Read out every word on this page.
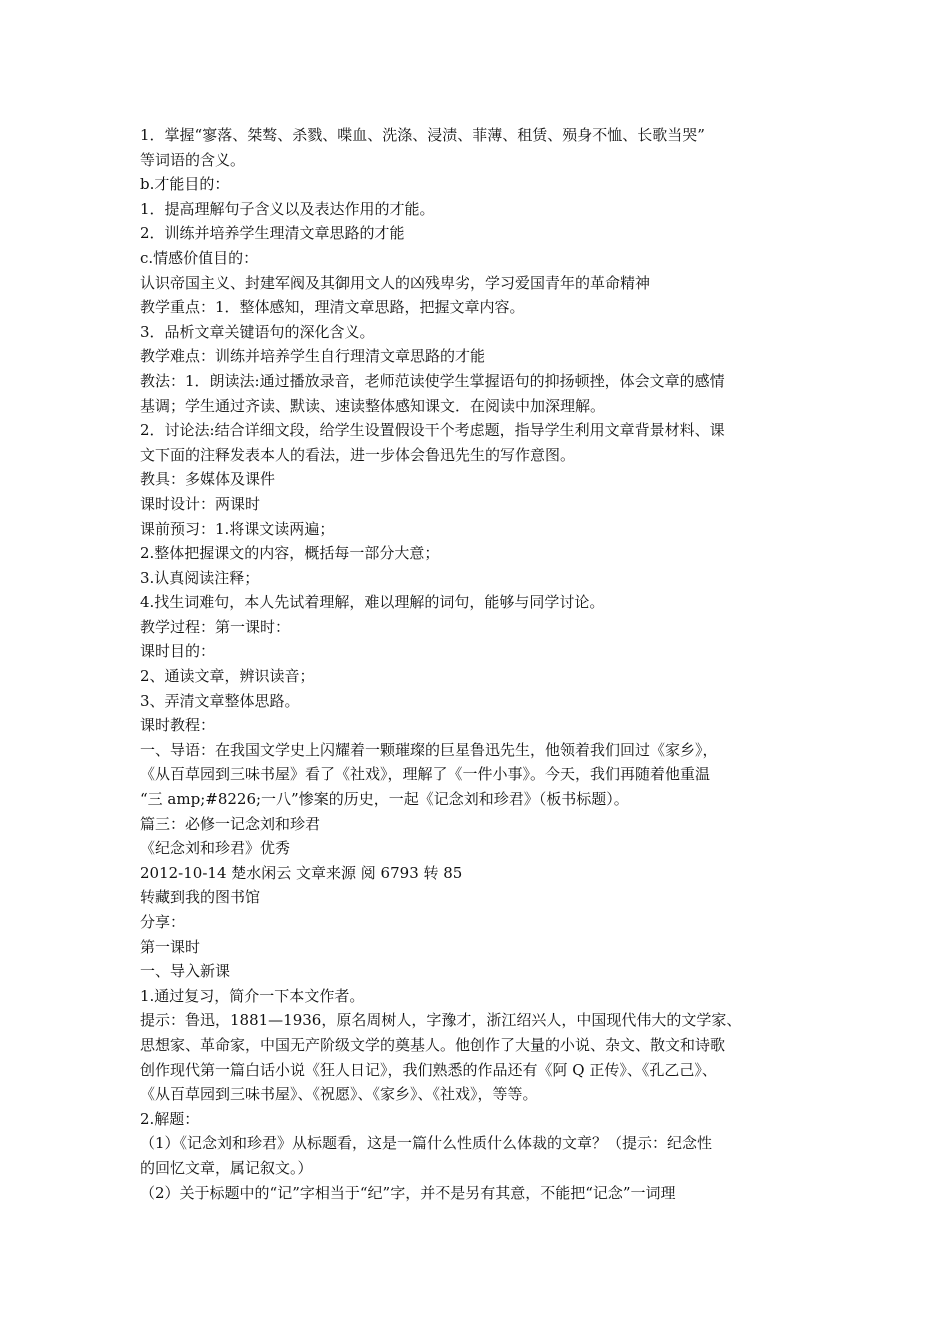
1．掌握“寥落、桀骜、杀戮、喋血、洗涤、浸渍、菲薄、租赁、殒身不恤、长歌当哭”
等词语的含义。
b.才能目的：
1．提高理解句子含义以及表达作用的才能。
2．训练并培养学生理清文章思路的才能
c.情感价值目的：
认识帝国主义、封建军阀及其御用文人的凶残卑劣，学习爱国青年的革命精神
教学重点：1．整体感知，理清文章思路，把握文章内容。
3．品析文章关键语句的深化含义。
教学难点：训练并培养学生自行理清文章思路的才能
教法：1．朗读法:通过播放录音，老师范读使学生掌握语句的抑扬顿挫，体会文章的感情
基调；学生通过齐读、默读、速读整体感知课文．在阅读中加深理解。
2．讨论法:结合详细文段，给学生设置假设干个考虑题，指导学生利用文章背景材料、课
文下面的注释发表本人的看法，进一步体会鲁迅先生的写作意图。
教具：多媒体及课件
课时设计：两课时
课前预习：1.将课文读两遍；
2.整体把握课文的内容，概括每一部分大意；
3.认真阅读注释；
4.找生词难句，本人先试着理解，难以理解的词句，能够与同学讨论。
教学过程：第一课时：
课时目的：
2、通读文章，辨识读音；
3、弄清文章整体思路。
课时教程：
一、导语：在我国文学史上闪耀着一颗璀璨的巨星鲁迅先生，他领着我们回过《家乡》，
《从百草园到三味书屋》看了《社戏》，理解了《一件小事》。今天，我们再随着他重温
“三 amp;#8226;一八”惨案的历史，一起《记念刘和珍君》（板书标题）。
篇三：必修一记念刘和珍君
《纪念刘和珍君》优秀
2012-10-14 楚水闲云 文章来源 阅 6793 转 85
转藏到我的图书馆
分享：
第一课时
一、导入新课
1.通过复习，简介一下本文作者。
提示：鲁迅，1881—1936，原名周树人，字豫才，浙江绍兴人，中国现代伟大的文学家、
思想家、革命家，中国无产阶级文学的奠基人。他创作了大量的小说、杂文、散文和诗歌
创作现代第一篇白话小说《狂人日记》，我们熟悉的作品还有《阿 Q 正传》、《孔乙己》、
《从百草园到三味书屋》、《祝愿》、《家乡》、《社戏》，等等。
2.解题：
（1）《记念刘和珍君》从标题看，这是一篇什么性质什么体裁的文章？（提示：纪念性
的回忆文章，属记叙文。）
（2）关于标题中的“记”字相当于“纪”字，并不是另有其意，不能把“记念”一词理
